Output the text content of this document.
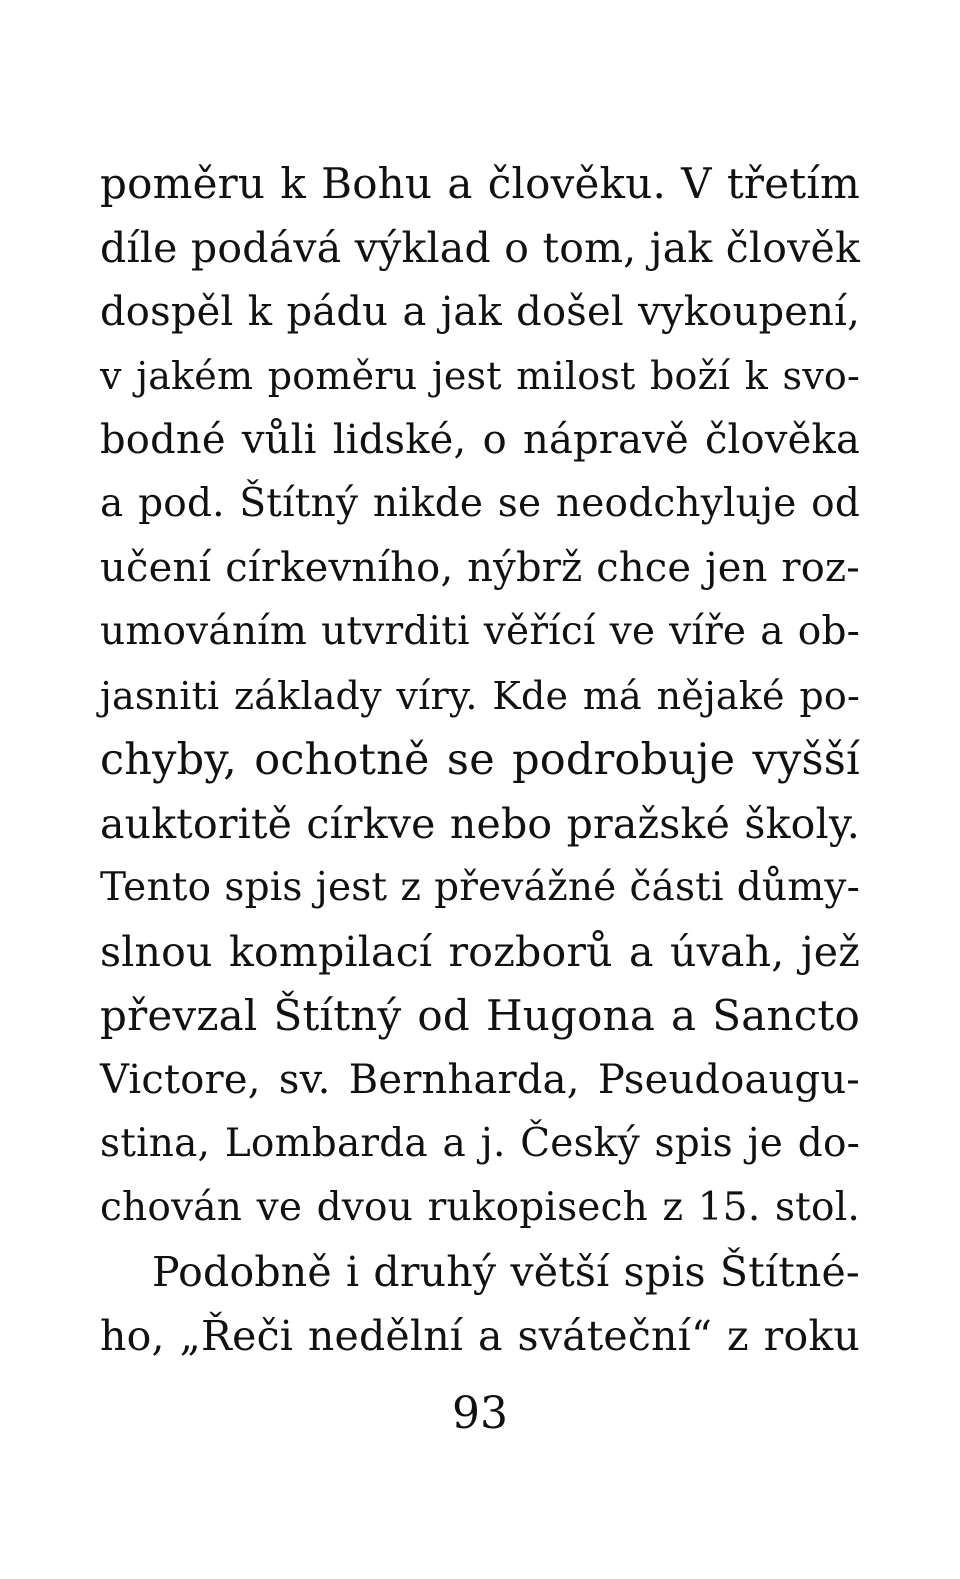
poměru k Bohu a člověku. V třetím
díle podává výklad o tom, jak člověk
dospěl k pádu a jak došel vykoupení,
v jakém poměru jest milost boží k svo-
bodné vůli lidské, o nápravě člověka
a pod. Štítný nikde se neodchyluje od
učení církevního, nýbrž chce jen roz-
umováním utvrditi věřící ve víře a ob-
jasniti základy víry. Kde má nějaké po-
chyby, ochotně se podrobuje vyšší
auktoritě církve nebo pražské školy.
Tento spis jest z převážné části důmy-
slnou kompilací rozborů a úvah, jež
převzal Štítný od Hugona a Sancto
Victore, sv. Bernharda, Pseudoaugu-
stina, Lombarda a j. Český spis je do-
chován ve dvou rukopisech z 15. stol.
Podobně i druhý větší spis Štítné-
ho, „Řeči nedělní a sváteční“ z roku
93
